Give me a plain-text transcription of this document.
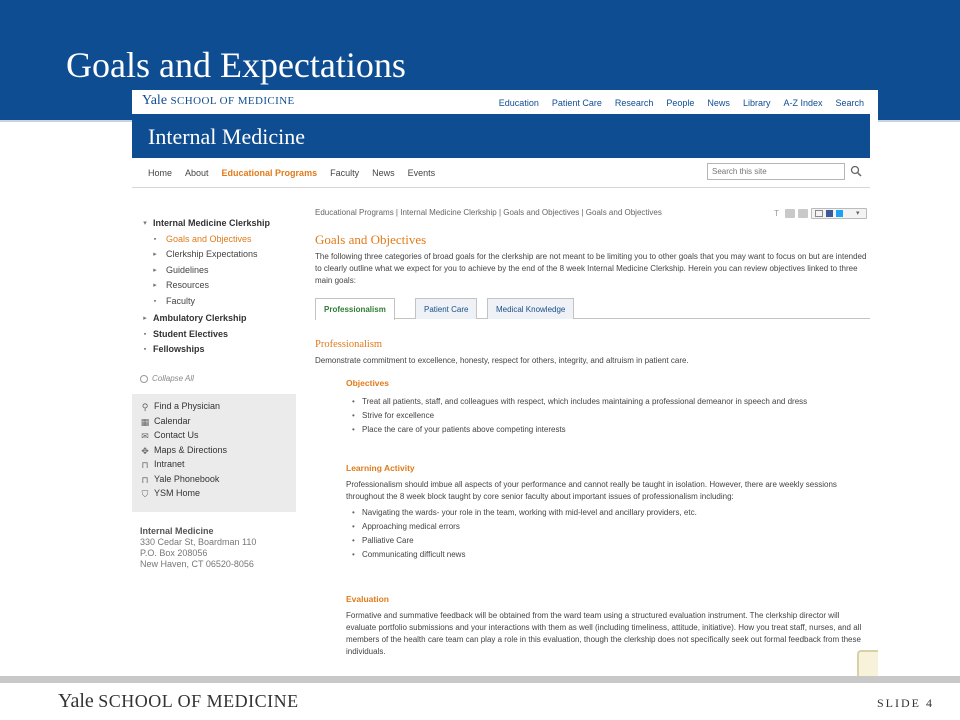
Goals and Expectations
Yale SCHOOL OF MEDICINE	Education Patient Care Research People News Library A-Z Index Search
Internal Medicine
Home About Educational Programs Faculty News Events
Search this site
▾ Internal Medicine Clerkship
▪	Goals and Objectives
▸	Clerkship Expectations
▸	Guidelines
▸	Resources
▪	Faculty
▸ Ambulatory Clerkship
▪ Student Electives
▪ Fellowships
Collapse All
⚲ Find a Physician
▦ Calendar
✉ Contact Us
✥ Maps & Directions
⊓ Intranet
⊓ Yale Phonebook
⛉ YSM Home
Internal Medicine
330 Cedar St, Boardman 110
P.O. Box 208056
New Haven, CT 06520-8056
Educational Programs | Internal Medicine Clerkship | Goals and Objectives | Goals and Objectives	T	▾
Goals and Objectives
The following three categories of broad goals for the clerkship are not meant to be limiting you to other goals that you may want to focus on but are intended to clearly outline what we expect for you to achieve by the end of the 8 week Internal Medicine Clerkship. Herein you can review objectives linked to three main goals:
Professionalism	Patient Care	Medical Knowledge
Professionalism
Demonstrate commitment to excellence, honesty, respect for others, integrity, and altruism in patient care.
Objectives
• Treat all patients, staff, and colleagues with respect, which includes maintaining a professional demeanor in speech and dress
• Strive for excellence
• Place the care of your patients above competing interests
Learning Activity
Professionalism should imbue all aspects of your performance and cannot really be taught in isolation. However, there are weekly sessions throughout the 8 week block taught by core senior faculty about important issues of professionalism including:
• Navigating the wards- your role in the team, working with mid-level and ancillary providers, etc.
• Approaching medical errors
• Palliative Care
• Communicating difficult news
Evaluation
Formative and summative feedback will be obtained from the ward team using a structured evaluation instrument. The clerkship director will evaluate portfolio submissions and your interactions with them as well (including timeliness, attitude, initiative). How you treat staff, nurses, and all members of the health care team can play a role in this evaluation, though the clerkship does not specifically seek out formal feedback from these individuals.
Yale SCHOOL OF MEDICINE	SLIDE 4
